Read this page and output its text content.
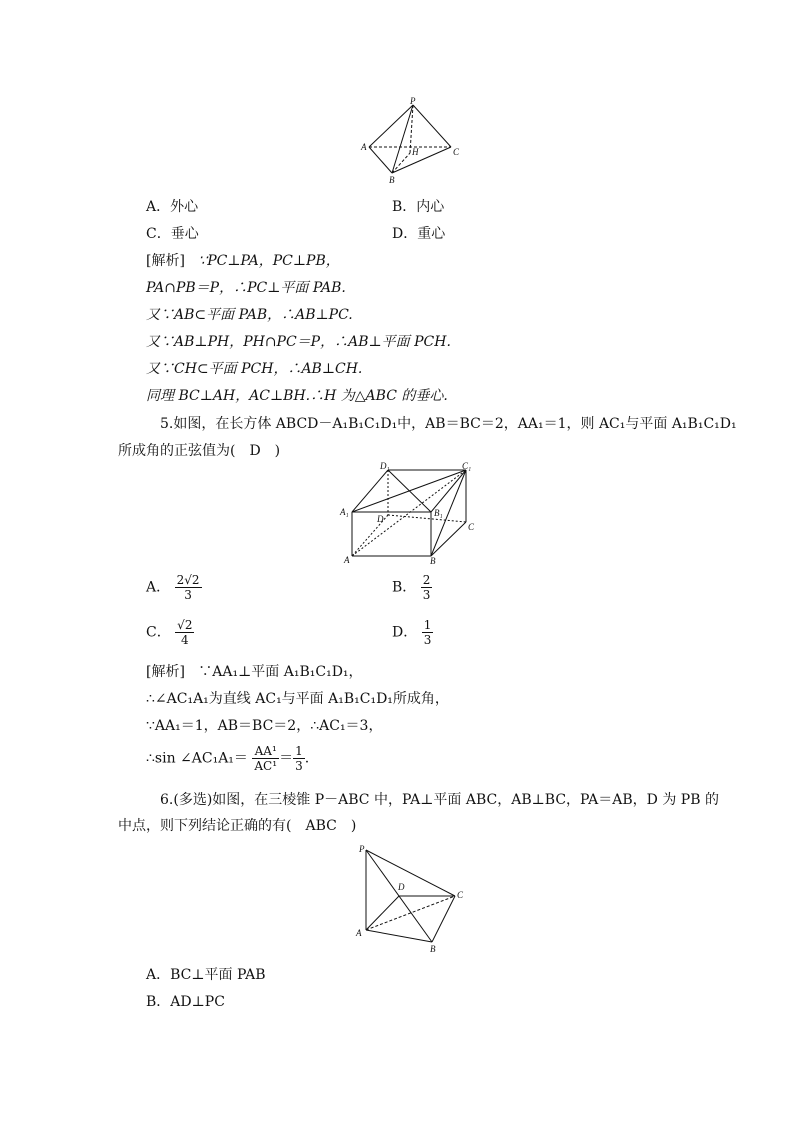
P
A
B
C
H
A．外心	B．内心
C．垂心	D．重心
[解析] ∵PC⊥PA，PC⊥PB，
PA∩PB＝P，∴PC⊥平面 PAB.
又∵AB⊂平面 PAB，∴AB⊥PC.
又∵AB⊥PH，PH∩PC＝P，∴AB⊥平面 PCH.
又∵CH⊂平面 PCH，∴AB⊥CH.
同理 BC⊥AH，AC⊥BH.∴H 为△ABC 的垂心.
5.如图，在长方体 ABCD－A₁B₁C₁D₁中，AB＝BC＝2，AA₁＝1，则 AC₁与平面 A₁B₁C₁D₁
所成角的正弦值为(　D　)
D₁	C₁
A₁	B₁
D
C
A	B
A． $\frac{2√2}{3}$	B． $\frac{2}{3}$
C． $\frac{√2}{4}$	D． $\frac{1}{3}$
[解析] ∵AA₁⊥平面 A₁B₁C₁D₁，
∴∠AC₁A₁为直线 AC₁与平面 A₁B₁C₁D₁所成角，
∵AA₁＝1，AB＝BC＝2，∴AC₁＝3，
∴sin ∠AC₁A₁＝ $\frac{\text{AA¹}}{\text{AC¹}} = \frac{1}{3}$ .
6.(多选)如图，在三棱锥 P－ABC 中，PA⊥平面 ABC，AB⊥BC，PA＝AB，D 为 PB 的
中点，则下列结论正确的有(　ABC　)
P
D
C
A
B
A．BC⊥平面 PAB
B．AD⊥PC
